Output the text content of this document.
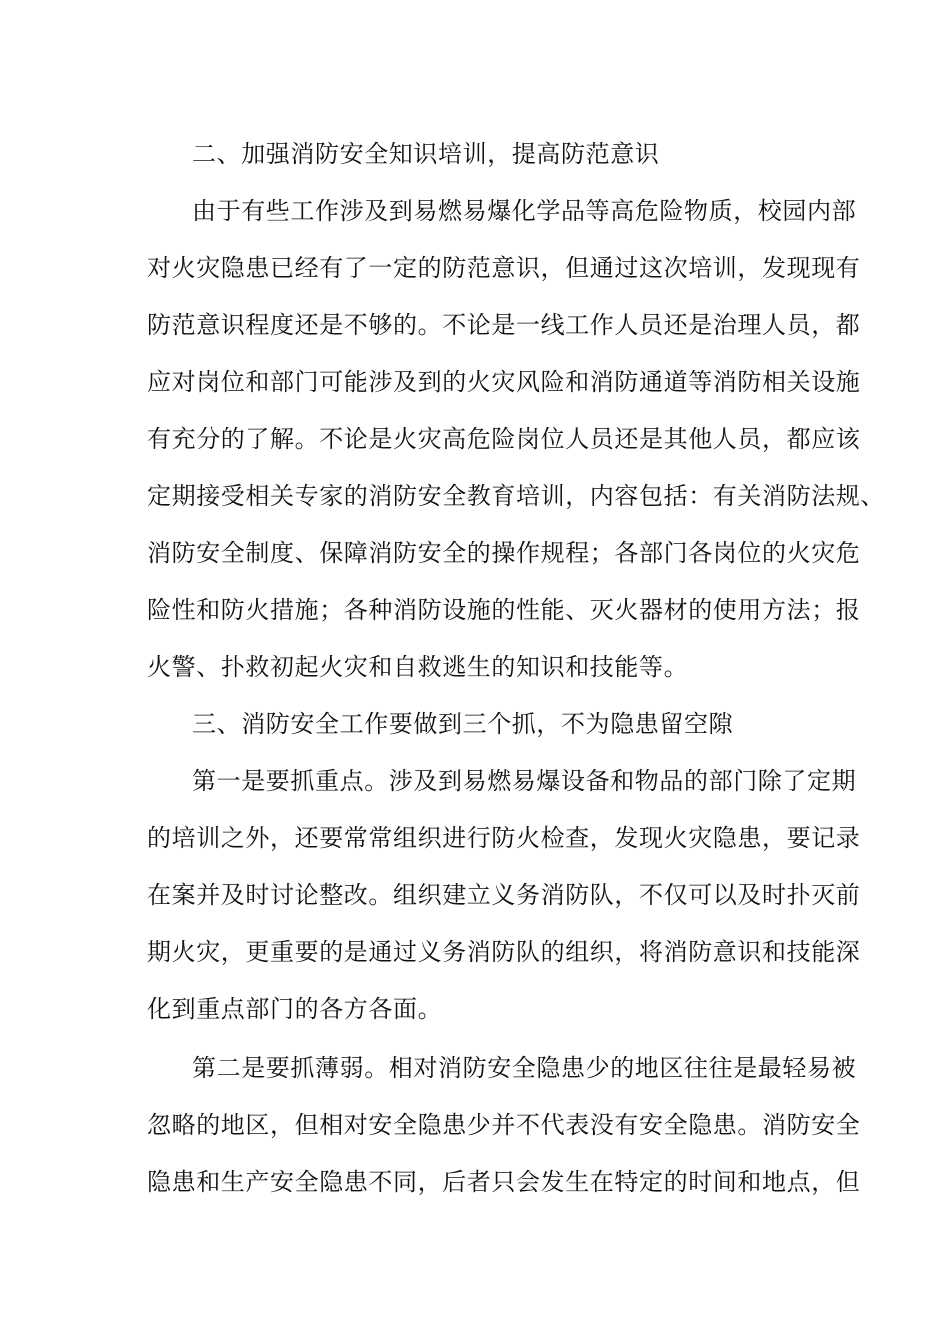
二、加强消防安全知识培训，提高防范意识
由于有些工作涉及到易燃易爆化学品等高危险物质，校园内部
对火灾隐患已经有了一定的防范意识，但通过这次培训，发现现有
防范意识程度还是不够的。不论是一线工作人员还是治理人员，都
应对岗位和部门可能涉及到的火灾风险和消防通道等消防相关设施
有充分的了解。不论是火灾高危险岗位人员还是其他人员，都应该
定期接受相关专家的消防安全教育培训，内容包括：有关消防法规、
消防安全制度、保障消防安全的操作规程；各部门各岗位的火灾危
险性和防火措施；各种消防设施的性能、灭火器材的使用方法；报
火警、扑救初起火灾和自救逃生的知识和技能等。
三、消防安全工作要做到三个抓，不为隐患留空隙
第一是要抓重点。涉及到易燃易爆设备和物品的部门除了定期
的培训之外，还要常常组织进行防火检查，发现火灾隐患，要记录
在案并及时讨论整改。组织建立义务消防队，不仅可以及时扑灭前
期火灾，更重要的是通过义务消防队的组织，将消防意识和技能深
化到重点部门的各方各面。
第二是要抓薄弱。相对消防安全隐患少的地区往往是最轻易被
忽略的地区，但相对安全隐患少并不代表没有安全隐患。消防安全
隐患和生产安全隐患不同，后者只会发生在特定的时间和地点，但
